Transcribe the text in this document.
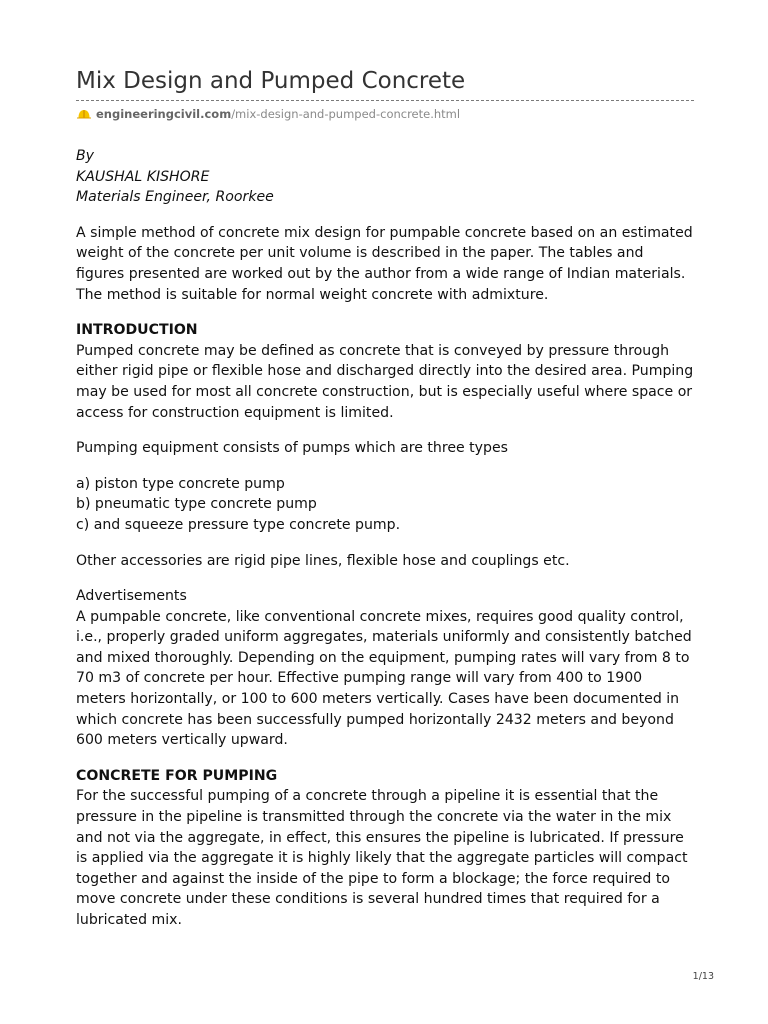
Mix Design and Pumped Concrete
engineeringcivil.com/mix-design-and-pumped-concrete.html
By
KAUSHAL KISHORE
Materials Engineer, Roorkee

A simple method of concrete mix design for pumpable concrete based on an estimated weight of the concrete per unit volume is described in the paper. The tables and figures presented are worked out by the author from a wide range of Indian materials. The method is suitable for normal weight concrete with admixture.

INTRODUCTION

Pumped concrete may be defined as concrete that is conveyed by pressure through either rigid pipe or flexible hose and discharged directly into the desired area. Pumping may be used for most all concrete construction, but is especially useful where space or access for construction equipment is limited.

Pumping equipment consists of pumps which are three types

a) piston type concrete pump
b) pneumatic type concrete pump
c) and squeeze pressure type concrete pump.

Other accessories are rigid pipe lines, flexible hose and couplings etc.

Advertisements

A pumpable concrete, like conventional concrete mixes, requires good quality control, i.e., properly graded uniform aggregates, materials uniformly and consistently batched and mixed thoroughly. Depending on the equipment, pumping rates will vary from 8 to 70 m3 of concrete per hour. Effective pumping range will vary from 400 to 1900 meters horizontally, or 100 to 600 meters vertically. Cases have been documented in which concrete has been successfully pumped horizontally 2432 meters and beyond 600 meters vertically upward.

CONCRETE FOR PUMPING

For the successful pumping of a concrete through a pipeline it is essential that the pressure in the pipeline is transmitted through the concrete via the water in the mix and not via the aggregate, in effect, this ensures the pipeline is lubricated. If pressure is applied via the aggregate it is highly likely that the aggregate particles will compact together and against the inside of the pipe to form a blockage; the force required to move concrete under these conditions is several hundred times that required for a lubricated mix.

1/13
